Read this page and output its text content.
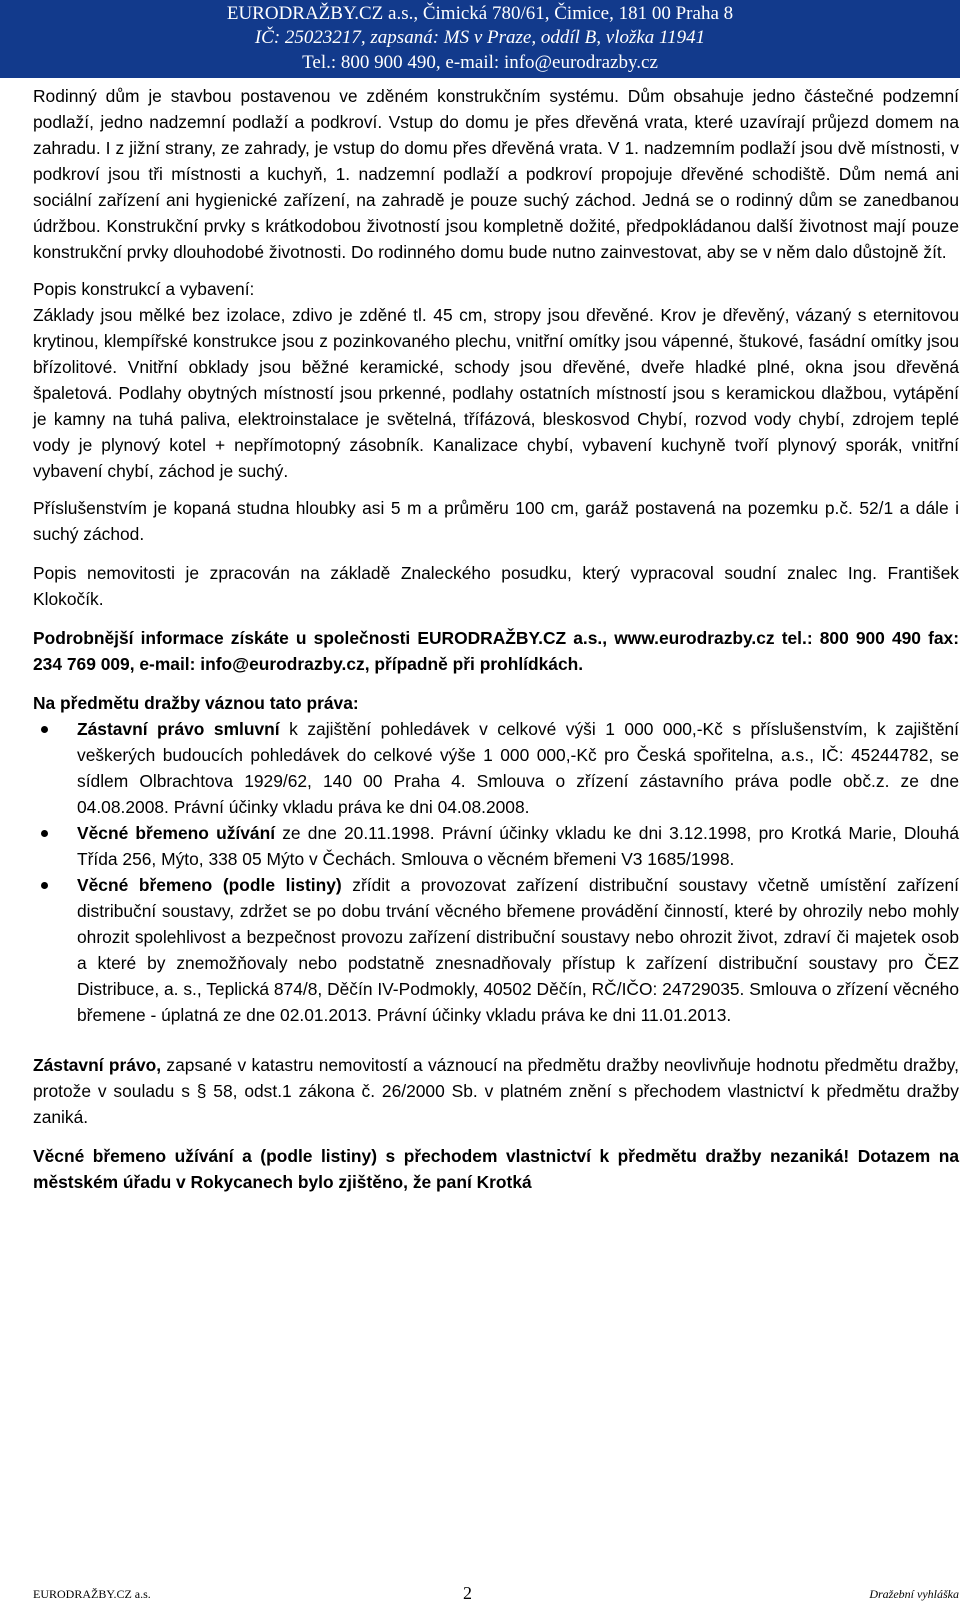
EURODRAŽBY.CZ a.s., Čimická 780/61, Čimice, 181 00 Praha 8
IČ: 25023217, zapsaná: MS v Praze, oddíl B, vložka 11941
Tel.: 800 900 490, e-mail: info@eurodrazby.cz

Rodinný dům je stavbou postavenou ve zděném konstrukčním systému. Dům obsahuje jedno částečné podzemní podlaží, jedno nadzemní podlaží a podkroví. Vstup do domu je přes dřevěná vrata, které uzavírají průjezd domem na zahradu. I z jižní strany, ze zahrady, je vstup do domu přes dřevěná vrata. V 1. nadzemním podlaží jsou dvě místnosti, v podkroví jsou tři místnosti a kuchyň, 1. nadzemní podlaží a podkroví propojuje dřevěné schodiště. Dům nemá ani sociální zařízení ani hygienické zařízení, na zahradě je pouze suchý záchod. Jedná se o rodinný dům se zanedbanou údržbou. Konstrukční prvky s krátkodobou životností jsou kompletně dožité, předpokládanou další životnost mají pouze konstrukční prvky dlouhodobé životnosti. Do rodinného domu bude nutno zainvestovat, aby se v něm dalo důstojně žít.

Popis konstrukcí a vybavení:

Základy jsou mělké bez izolace, zdivo je zděné tl. 45 cm, stropy jsou dřevěné. Krov je dřevěný, vázaný s eternitovou krytinou, klempířské konstrukce jsou z pozinkovaného plechu, vnitřní omítky jsou vápenné, štukové, fasádní omítky jsou břízolitové. Vnitřní obklady jsou běžné keramické, schody jsou dřevěné, dveře hladké plné, okna jsou dřevěná špaletová. Podlahy obytných místností jsou prkenné, podlahy ostatních místností jsou s keramickou dlažbou, vytápění je kamny na tuhá paliva, elektroinstalace je světelná, třífázová, bleskosvod Chybí, rozvod vody chybí, zdrojem teplé vody je plynový kotel + nepřímotopný zásobník. Kanalizace chybí, vybavení kuchyně tvoří plynový sporák, vnitřní vybavení chybí, záchod je suchý.

Příslušenstvím je kopaná studna hloubky asi 5 m a průměru 100 cm, garáž postavená na pozemku p.č. 52/1 a dále i suchý záchod.

Popis nemovitosti je zpracován na základě Znaleckého posudku, který vypracoval soudní znalec Ing. František Klokočík.

Podrobnější informace získáte u společnosti EURODRAŽBY.CZ a.s., www.eurodrazby.cz tel.: 800 900 490 fax: 234 769 009, e-mail: info@eurodrazby.cz, případně při prohlídkách.

Na předmětu dražby váznou tato práva:

Zástavní právo smluvní k zajištění pohledávek v celkové výši 1 000 000,-Kč s příslušenstvím, k zajištění veškerých budoucích pohledávek do celkové výše 1 000 000,-Kč pro Česká spořitelna, a.s., IČ: 45244782, se sídlem Olbrachtova 1929/62, 140 00 Praha 4. Smlouva o zřízení zástavního práva podle obč.z. ze dne 04.08.2008. Právní účinky vkladu práva ke dni 04.08.2008.
Věcné břemeno užívání ze dne 20.11.1998. Právní účinky vkladu ke dni 3.12.1998, pro Krotká Marie, Dlouhá Třída 256, Mýto, 338 05 Mýto v Čechách. Smlouva o věcném břemeni V3 1685/1998.
Věcné břemeno (podle listiny) zřídit a provozovat zařízení distribuční soustavy včetně umístění zařízení distribuční soustavy, zdržet se po dobu trvání věcného břemene provádění činností, které by ohrozily nebo mohly ohrozit spolehlivost a bezpečnost provozu zařízení distribuční soustavy nebo ohrozit život, zdraví či majetek osob a které by znemožňovaly nebo podstatně znesnadňovaly přístup k zařízení distribuční soustavy pro ČEZ Distribuce, a. s., Teplická 874/8, Děčín IV-Podmokly, 40502 Děčín, RČ/IČO: 24729035. Smlouva o zřízení věcného břemene - úplatná ze dne 02.01.2013. Právní účinky vkladu práva ke dni 11.01.2013.

Zástavní právo, zapsané v katastru nemovitostí a váznoucí na předmětu dražby neovlivňuje hodnotu předmětu dražby, protože v souladu s § 58, odst.1 zákona č. 26/2000 Sb. v platném znění s přechodem vlastnictví k předmětu dražby zaniká.

Věcné břemeno užívání a (podle listiny) s přechodem vlastnictví k předmětu dražby nezaniká! Dotazem na městském úřadu v Rokycanech bylo zjištěno, že paní Krotká

EURODRAŽBY.CZ a.s.	2	Dražební vyhláška
